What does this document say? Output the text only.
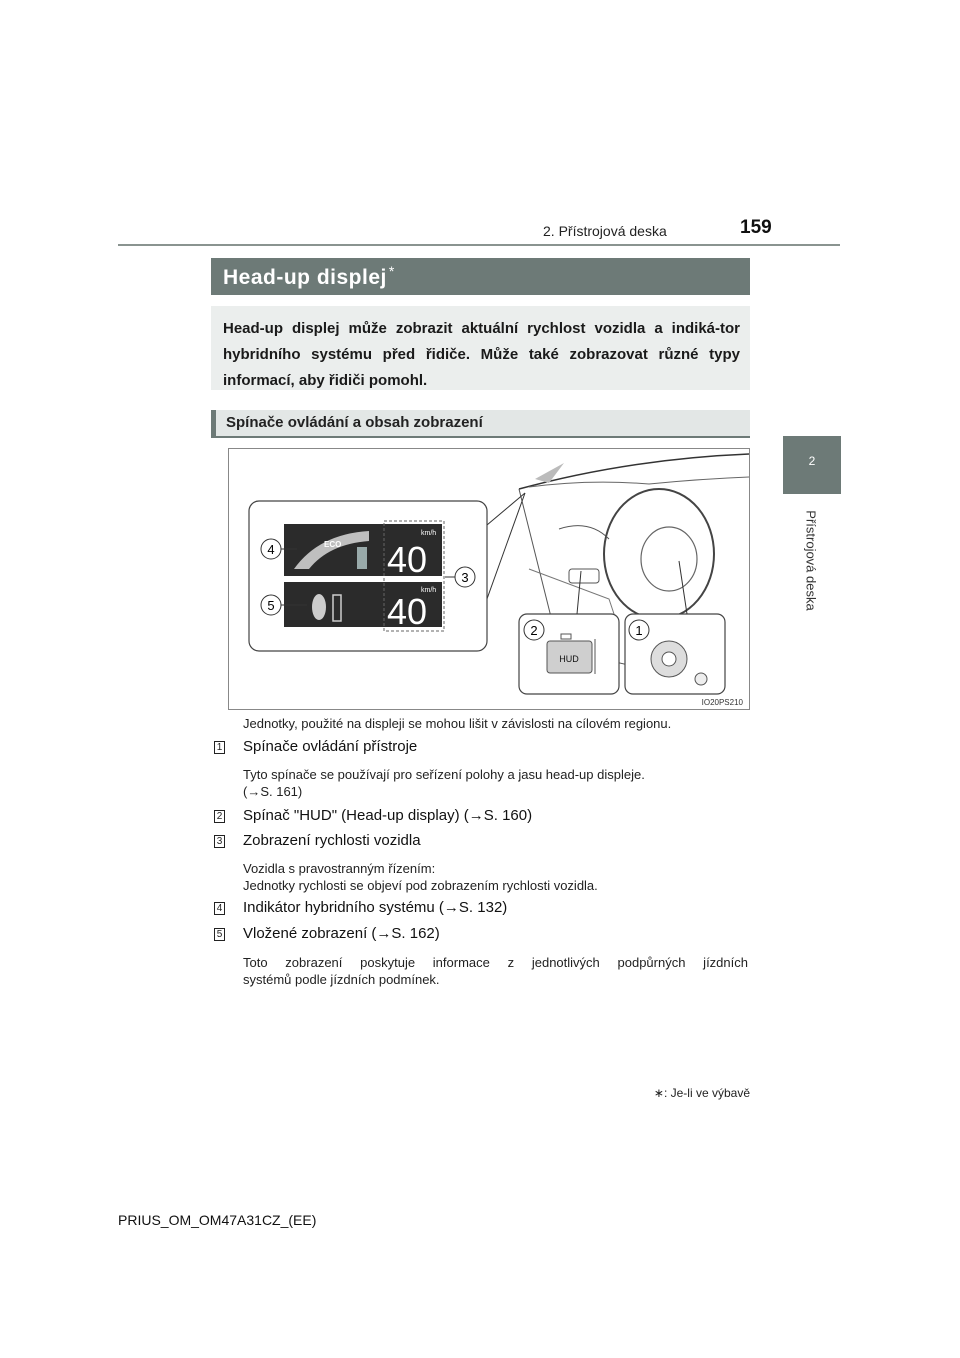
2. Přístrojová deska	159
2
Přístrojová deska
Head-up displej *
Head-up displej může zobrazit aktuální rychlost vozidla a indiká-tor hybridního systému před řidiče. Může také zobrazovat různé typy informací, aby řidiči pomohl.
Spínače ovládání a obsah zobrazení
ECO
km/h
40
km/h
40
4
5
3
HUD
2	1
IO20PS210
Jednotky, použité na displeji se mohou lišit v závislosti na cílovém regionu.
1 Spínače ovládání přístroje
Tyto spínače se používají pro seřízení polohy a jasu head-up displeje.
(→S. 161)
2 Spínač "HUD" (Head-up display) (→S. 160)
3 Zobrazení rychlosti vozidla
Vozidla s pravostranným řízením:
Jednotky rychlosti se objeví pod zobrazením rychlosti vozidla.
4 Indikátor hybridního systému (→S. 132)
5 Vložené zobrazení (→S. 162)
Toto zobrazení poskytuje informace z jednotlivých podpůrných jízdních
systémů podle jízdních podmínek.
∗: Je-li ve výbavě
PRIUS_OM_OM47A31CZ_(EE)
